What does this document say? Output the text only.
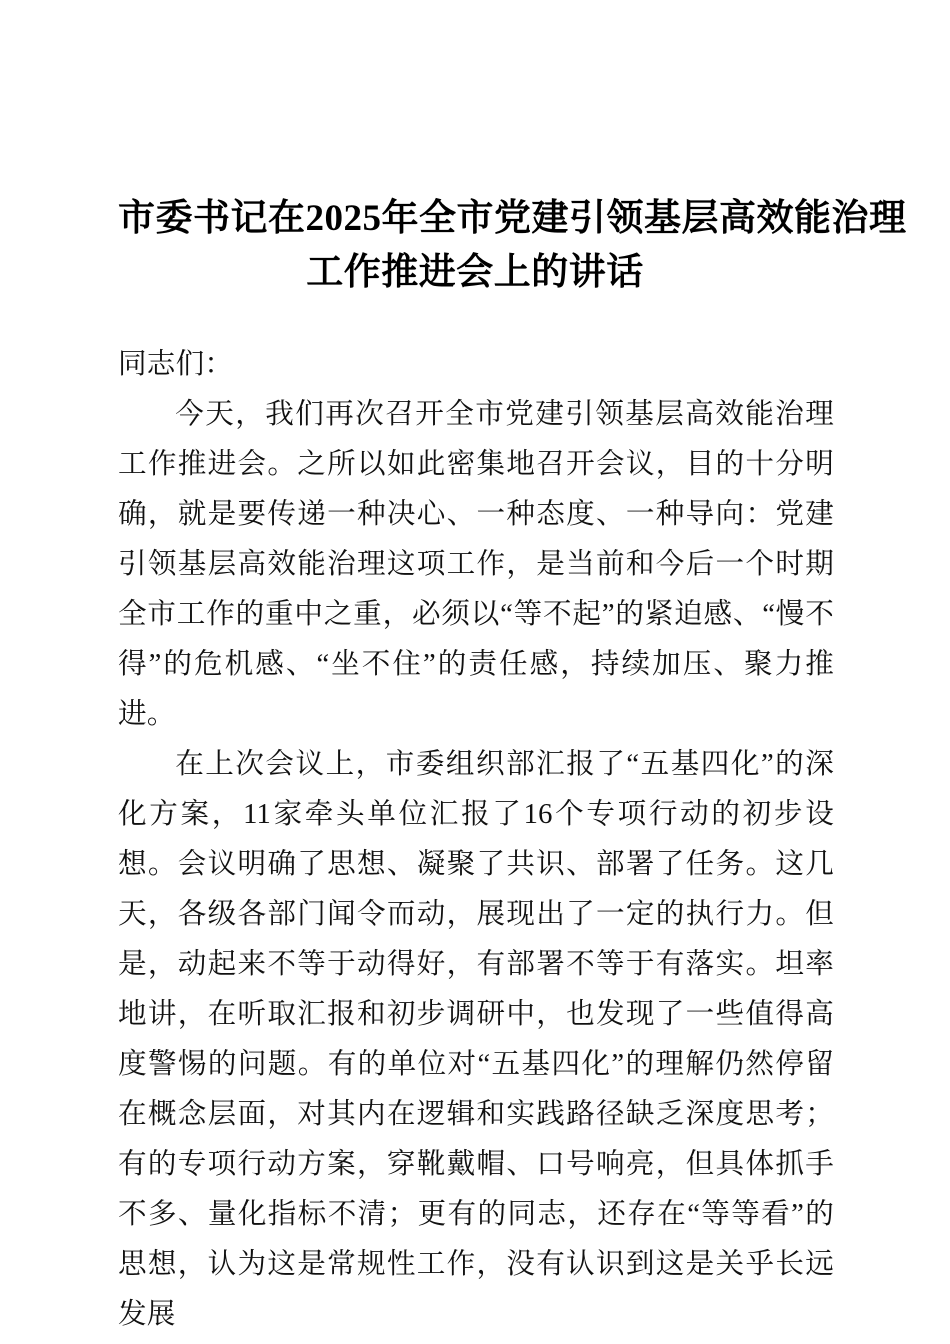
市委书记在2025年全市党建引领基层高效能治理
工作推进会上的讲话

同志们：

今天，我们再次召开全市党建引领基层高效能治理工作推进会。之所以如此密集地召开会议，目的十分明确，就是要传递一种决心、一种态度、一种导向：党建引领基层高效能治理这项工作，是当前和今后一个时期全市工作的重中之重，必须以“等不起”的紧迫感、“慢不得”的危机感、“坐不住”的责任感，持续加压、聚力推进。

在上次会议上，市委组织部汇报了“五基四化”的深化方案，11家牵头单位汇报了16个专项行动的初步设想。会议明确了思想、凝聚了共识、部署了任务。这几天，各级各部门闻令而动，展现出了一定的执行力。但是，动起来不等于动得好，有部署不等于有落实。坦率地讲，在听取汇报和初步调研中，也发现了一些值得高度警惕的问题。有的单位对“五基四化”的理解仍然停留在概念层面，对其内在逻辑和实践路径缺乏深度思考；有的专项行动方案，穿靴戴帽、口号响亮，但具体抓手不多、量化指标不清；更有的同志，还存在“等等看”的思想，认为这是常规性工作，没有认识到这是关乎长远发展
